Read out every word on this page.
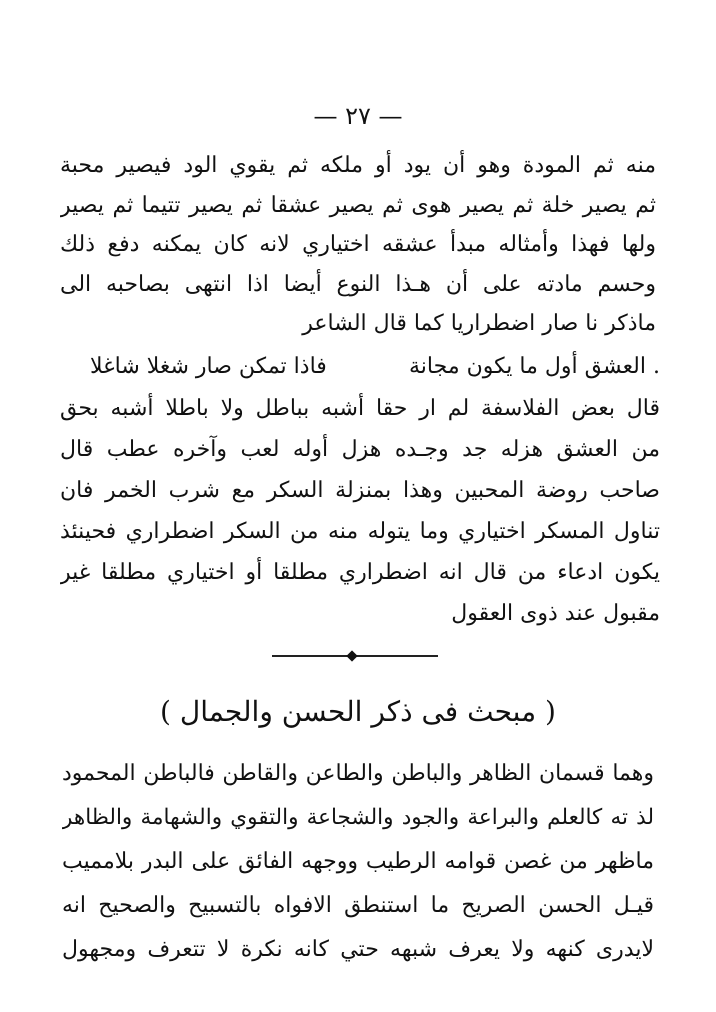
— ٢٧ —
منه ثم المودة وهو أن يود أو ملكه ثم يقوي الود فيصير محبة
ثم يصير خلة ثم يصير هوى ثم يصير عشقا ثم يصير تتيما ثم يصير
ولها فهذا وأمثاله مبدأ عشقه اختياري لانه كان يمكنه دفع ذلك
وحسم مادته على أن هـذا النوع أيضا اذا انتهى بصاحبه الى
ماذكر نا صار اضطراريا كما قال الشاعر
. العشق أول ما يكون مجانة
فاذا تمكن صار شغلا شاغلا
قال بعض الفلاسفة لم ار حقا أشبه بباطل ولا باطلا أشبه بحق
من العشق هزله جد وجـده هزل أوله لعب وآخره عطب قال
صاحب روضة المحبين وهذا بمنزلة السكر مع شرب الخمر فان
تناول المسكر اختياري وما يتوله منه من السكر اضطراري فحينئذ
يكون ادعاء من قال انه اضطراري مطلقا أو اختياري مطلقا غير
مقبول عند ذوى العقول
( مبحث فى ذكر الحسن والجمال )
وهما قسمان الظاهر والباطن والطاعن والقاطن فالباطن المحمود
لذ ته كالعلم والبراعة والجود والشجاعة والتقوي والشهامة والظاهر
ماظهر من غصن قوامه الرطيب ووجهه الفائق على البدر بلامميب
قيـل الحسن الصريح ما استنطق الافواه بالتسبيح والصحيح انه
لايدرى كنهه ولا يعرف شبهه حتي كانه نكرة لا تتعرف ومجهول
